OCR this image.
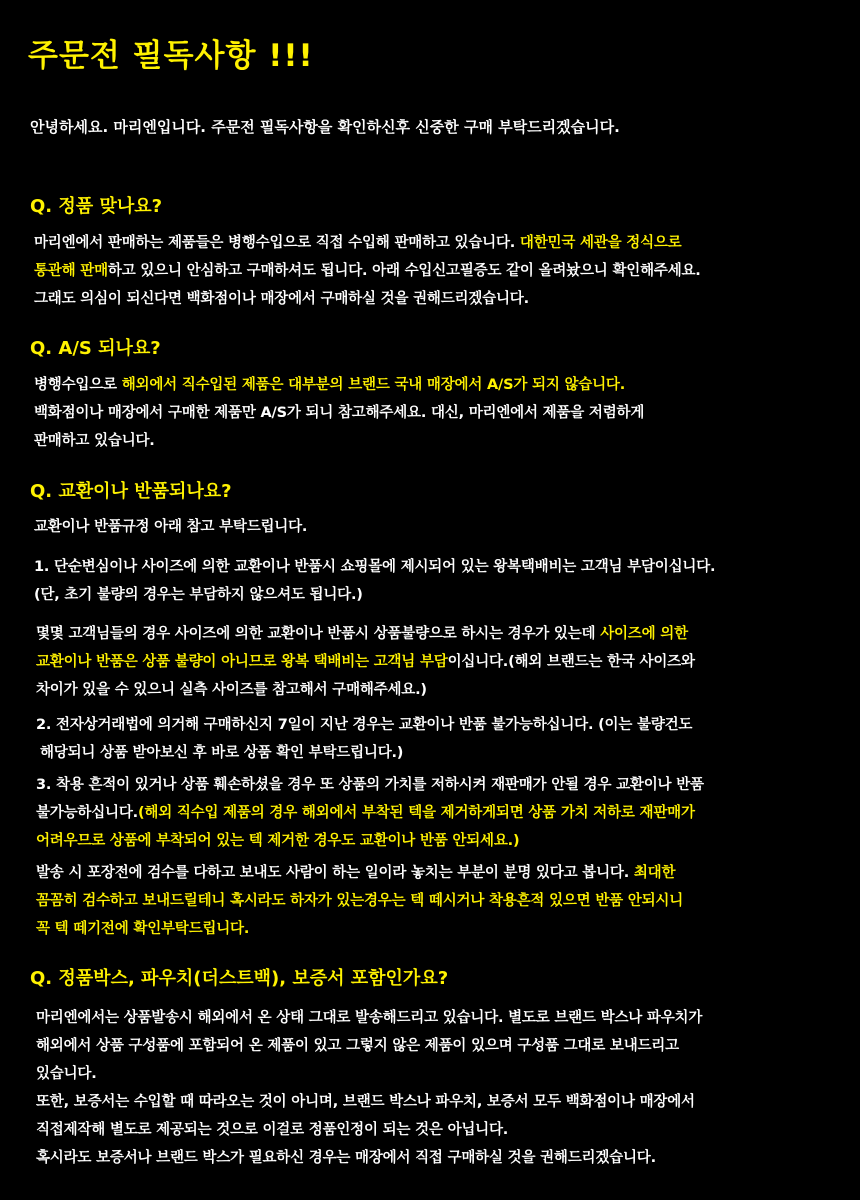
주문전 필독사항 !!!
안녕하세요. 마리엔입니다. 주문전 필독사항을 확인하신후 신중한 구매 부탁드리겠습니다.
Q. 정품 맞나요?
마리엔에서 판매하는 제품들은 병행수입으로 직접 수입해 판매하고 있습니다. 대한민국 세관을 정식으로
통관해 판매하고 있으니 안심하고 구매하셔도 됩니다. 아래 수입신고필증도 같이 올려놨으니 확인해주세요.
그래도 의심이 되신다면 백화점이나 매장에서 구매하실 것을 권해드리겠습니다.
Q. A/S 되나요?
병행수입으로 해외에서 직수입된 제품은 대부분의 브랜드 국내 매장에서 A/S가 되지 않습니다.
백화점이나 매장에서 구매한 제품만 A/S가 되니 참고해주세요. 대신, 마리엔에서 제품을 저렴하게
판매하고 있습니다.
Q. 교환이나 반품되나요?
교환이나 반품규정 아래 참고 부탁드립니다.
1. 단순변심이나 사이즈에 의한 교환이나 반품시 쇼핑몰에 제시되어 있는 왕복택배비는 고객님 부담이십니다.
(단, 초기 불량의 경우는 부담하지 않으셔도 됩니다.)
몇몇 고객님들의 경우 사이즈에 의한 교환이나 반품시 상품불량으로 하시는 경우가 있는데 사이즈에 의한
교환이나 반품은 상품 불량이 아니므로 왕복 택배비는 고객님 부담이십니다.(해외 브랜드는 한국 사이즈와
차이가 있을 수 있으니 실측 사이즈를 참고해서 구매해주세요.)
2. 전자상거래법에 의거해 구매하신지 7일이 지난 경우는 교환이나 반품 불가능하십니다. (이는 불량건도
해당되니 상품 받아보신 후 바로 상품 확인 부탁드립니다.)
3. 착용 흔적이 있거나 상품 훼손하셨을 경우 또 상품의 가치를 저하시켜 재판매가 안될 경우 교환이나 반품
불가능하십니다.(해외 직수입 제품의 경우 해외에서 부착된 텍을 제거하게되면 상품 가치 저하로 재판매가
어려우므로 상품에 부착되어 있는 텍 제거한 경우도 교환이나 반품 안되세요.)
발송 시 포장전에 검수를 다하고 보내도 사람이 하는 일이라 놓치는 부분이 분명 있다고 봅니다. 최대한
꼼꼼히 검수하고 보내드릴테니 혹시라도 하자가 있는경우는 텍 떼시거나 착용흔적 있으면 반품 안되시니
꼭 텍 떼기전에 확인부탁드립니다.
Q. 정품박스, 파우치(더스트백), 보증서 포함인가요?
마리엔에서는 상품발송시 해외에서 온 상태 그대로 발송해드리고 있습니다. 별도로 브랜드 박스나 파우치가
해외에서 상품 구성품에 포함되어 온 제품이 있고 그렇지 않은 제품이 있으며 구성품 그대로 보내드리고
있습니다.
또한, 보증서는 수입할 때 따라오는 것이 아니며, 브랜드 박스나 파우치, 보증서 모두 백화점이나 매장에서
직접제작해 별도로 제공되는 것으로 이걸로 정품인정이 되는 것은 아닙니다.
혹시라도 보증서나 브랜드 박스가 필요하신 경우는 매장에서 직접 구매하실 것을 권해드리겠습니다.
